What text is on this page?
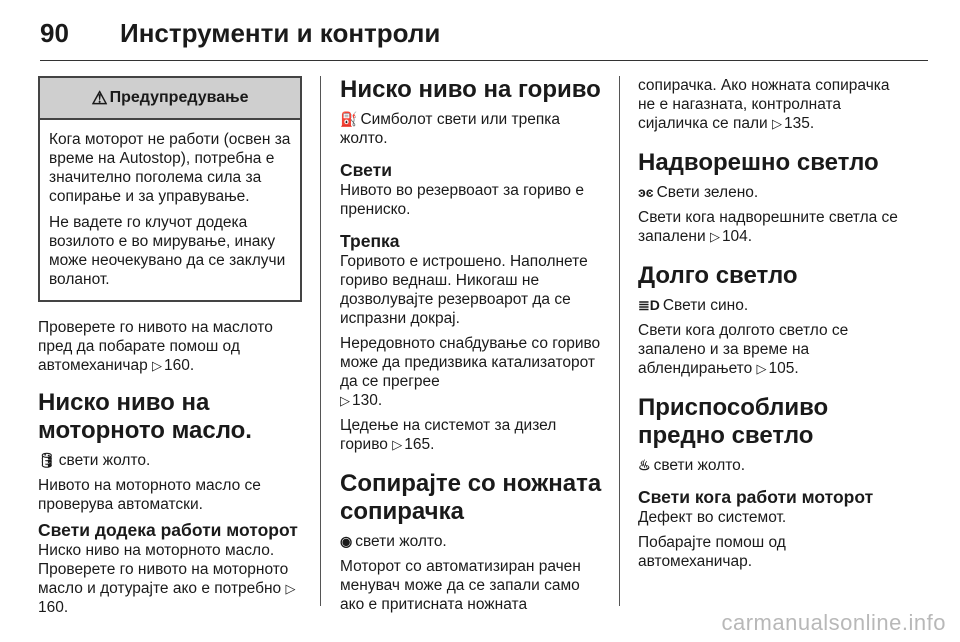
90 Инструменти и контроли
⚠ Предупредување

Кога моторот не работи (освен за време на Autostop), потребна е значително поголема сила за сопирање и за управување.

Не вадете го клучот додека возилото е во мирување, инаку може неочекувано да се заклучи воланот.

Проверете го нивото на маслото пред да побарате помош од автомеханичар ▷ 160.

Ниско ниво на моторното масло.

🛢 свети жолто.

Нивото на моторното масло се проверува автоматски.

Свети додека работи моторот

Ниско ниво на моторното масло. Проверете го нивото на моторното масло и дотурајте ако е потребно ▷160.

Ниско ниво на гориво

⛽ Симболот свети или трепка жолто.

Свети

Нивото во резервоаот за гориво е прениско.

Трепка

Горивото е истрошено. Наполнете гориво веднаш. Никогаш не дозволувајте резервоарот да се испразни докрај.

Нередовното снабдување со гориво може да предизвика катализаторот да се прегрее
▷ 130.

Цедење на системот за дизел гориво ▷ 165.

Сопирајте со ножната сопирачка

◉ свети жолто.

Моторот со автоматизиран рачен менувач може да се запали само ако е притисната ножната

сопирачка. Ако ножната сопирачка не е нагазната, контролната сијаличка се пали ▷ 135.

Надворешно светло

ͽͼ Свети зелено.

Свети кога надворешните светла се запалени ▷ 104.

Долго светло

≣D Свети сино.

Свети кога долгото светло се запалено и за време на аблендирањето ▷ 105.

Приспособливо предно светло

♨ свети жолто.

Свети кога работи моторот

Дефект во системот.

Побарајте помош од автомеханичар.

carmanualsonline.info
